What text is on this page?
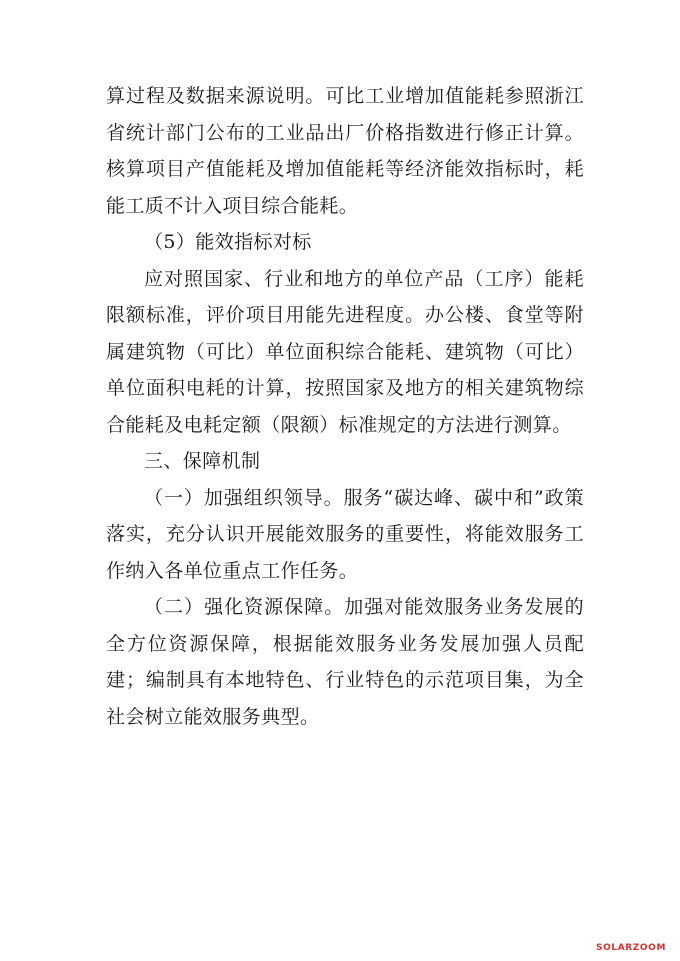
算过程及数据来源说明。可比工业增加值能耗参照浙江省统计部门公布的工业品出厂价格指数进行修正计算。核算项目产值能耗及增加值能耗等经济能效指标时，耗能工质不计入项目综合能耗。

（5）能效指标对标

应对照国家、行业和地方的单位产品（工序）能耗限额标准，评价项目用能先进程度。办公楼、食堂等附属建筑物（可比）单位面积综合能耗、建筑物（可比）单位面积电耗的计算，按照国家及地方的相关建筑物综合能耗及电耗定额（限额）标准规定的方法进行测算。

三、保障机制

（一）加强组织领导。服务“碳达峰、碳中和”政策落实，充分认识开展能效服务的重要性，将能效服务工作纳入各单位重点工作任务。

（二）强化资源保障。加强对能效服务业务发展的全方位资源保障，根据能效服务业务发展加强人员配建；编制具有本地特色、行业特色的示范项目集，为全社会树立能效服务典型。

SOLARZOOM
